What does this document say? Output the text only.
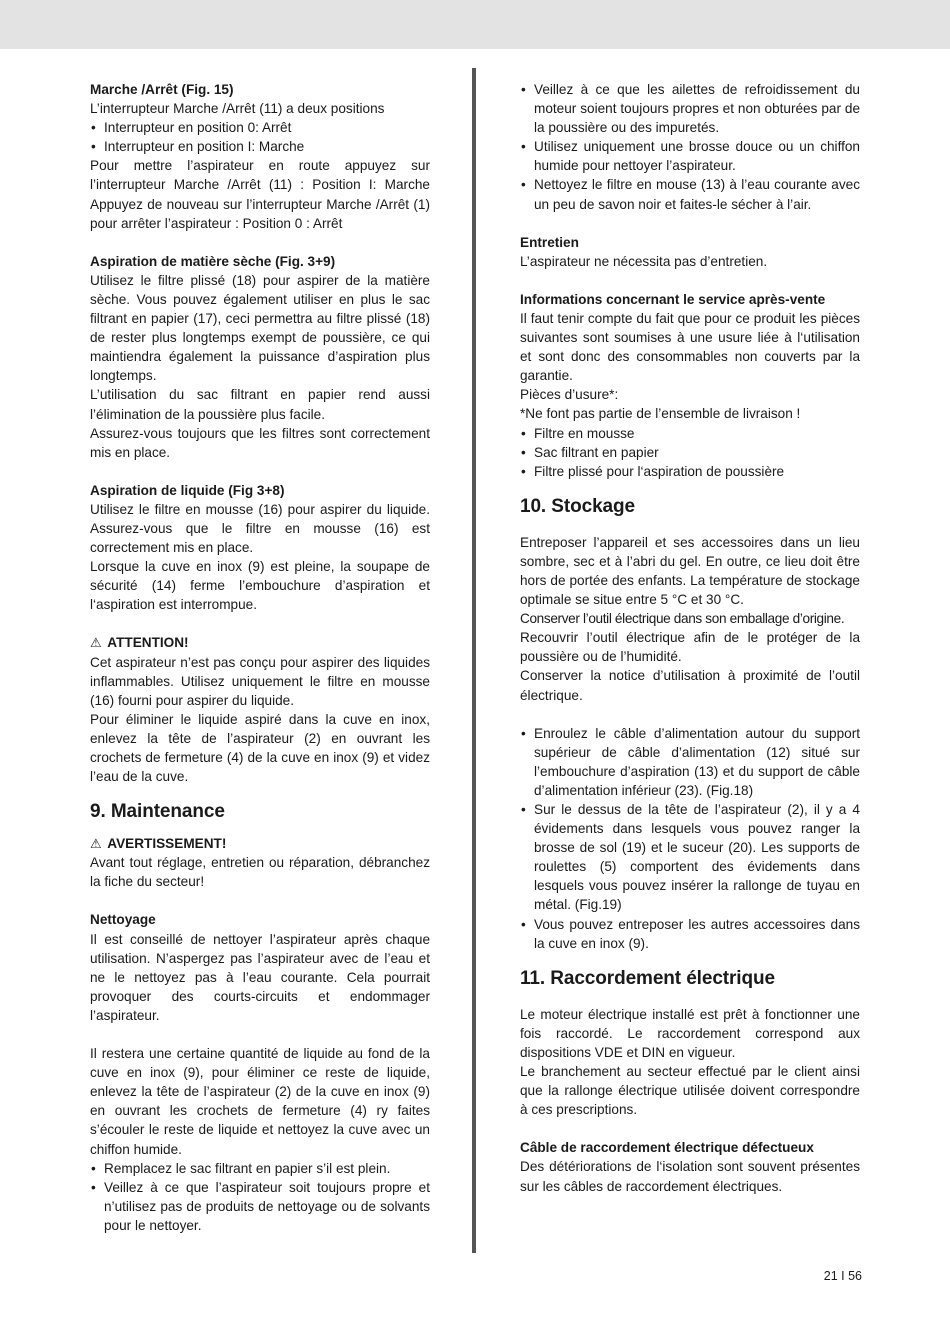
Marche /Arrêt (Fig. 15)

L’interrupteur Marche /Arrêt (11) a deux positions

• Interrupteur en position 0: Arrêt
• Interrupteur en position I: Marche

Pour mettre l’aspirateur en route appuyez sur l’interrupteur Marche /Arrêt (11) : Position I: Marche Appuyez de nouveau sur l’interrupteur Marche /Arrêt (1) pour arrêter l’aspirateur : Position 0 : Arrêt

Aspiration de matière sèche (Fig. 3+9)

Utilisez le filtre plissé (18) pour aspirer de la matière sèche. Vous pouvez également utiliser en plus le sac filtrant en papier (17), ceci permettra au filtre plissé (18) de rester plus longtemps exempt de poussière, ce qui maintiendra également la puissance d’aspiration plus longtemps.

L’utilisation du sac filtrant en papier rend aussi l’élimination de la poussière plus facile.

Assurez-vous toujours que les filtres sont correctement mis en place.

Aspiration de liquide (Fig 3+8)

Utilisez le filtre en mousse (16) pour aspirer du liquide. Assurez-vous que le filtre en mousse (16) est correctement mis en place.

Lorsque la cuve en inox (9) est pleine, la soupape de sécurité (14) ferme l’embouchure d’aspiration et l‘aspiration est interrompue.

⚠ ATTENTION!

Cet aspirateur n’est pas conçu pour aspirer des liquides inflammables. Utilisez uniquement le filtre en mousse (16) fourni pour aspirer du liquide.

Pour éliminer le liquide aspiré dans la cuve en inox, enlevez la tête de l’aspirateur (2) en ouvrant les crochets de fermeture (4) de la cuve en inox (9) et videz l’eau de la cuve.

9. Maintenance

⚠ AVERTISSEMENT!

Avant tout réglage, entretien ou réparation, débranchez la fiche du secteur!

Nettoyage

Il est conseillé de nettoyer l’aspirateur après chaque utilisation. N’aspergez pas l’aspirateur avec de l’eau et ne le nettoyez pas à l’eau courante. Cela pourrait provoquer des courts-circuits et endommager l’aspirateur.

Il restera une certaine quantité de liquide au fond de la cuve en inox (9), pour éliminer ce reste de liquide, enlevez la tête de l’aspirateur (2) de la cuve en inox (9) en ouvrant les crochets de fermeture (4) ry faites s’écouler le reste de liquide et nettoyez la cuve avec un chiffon humide.

• Remplacez le sac filtrant en papier s’il est plein.
• Veillez à ce que l’aspirateur soit toujours propre et n’utilisez pas de produits de nettoyage ou de solvants pour le nettoyer.
• Veillez à ce que les ailettes de refroidissement du moteur soient toujours propres et non obturées par de la poussière ou des impuretés.
• Utilisez uniquement une brosse douce ou un chiffon humide pour nettoyer l’aspirateur.
• Nettoyez le filtre en mouse (13) à l’eau courante avec un peu de savon noir et faites-le sécher à l’air.

Entretien

L’aspirateur ne nécessita pas d’entretien.

Informations concernant le service après-vente

Il faut tenir compte du fait que pour ce produit les pièces suivantes sont soumises à une usure liée à l‘utilisation et sont donc des consommables non couverts par la garantie.

Pièces d’usure*:

*Ne font pas partie de l’ensemble de livraison !

• Filtre en mousse
• Sac filtrant en papier
• Filtre plissé pour l‘aspiration de poussière

10. Stockage

Entreposer l’appareil et ses accessoires dans un lieu sombre, sec et à l’abri du gel. En outre, ce lieu doit être hors de portée des enfants. La température de stockage optimale se situe entre 5 °C et 30 °C.

Conserver l’outil électrique dans son emballage d’origine.

Recouvrir l’outil électrique afin de le protéger de la poussière ou de l’humidité.

Conserver la notice d’utilisation à proximité de l’outil électrique.

• Enroulez le câble d’alimentation autour du support supérieur de câble d’alimentation (12) situé sur l’embouchure d’aspiration (13) et du support de câble d’alimentation inférieur (23). (Fig.18)
• Sur le dessus de la tête de l’aspirateur (2), il y a 4 évidements dans lesquels vous pouvez ranger la brosse de sol (19) et le suceur (20). Les supports de roulettes (5) comportent des évidements dans lesquels vous pouvez insérer la rallonge de tuyau en métal. (Fig.19)
• Vous pouvez entreposer les autres accessoires dans la cuve en inox (9).

11. Raccordement électrique

Le moteur électrique installé est prêt à fonctionner une fois raccordé. Le raccordement correspond aux dispositions VDE et DIN en vigueur.

Le branchement au secteur effectué par le client ainsi que la rallonge électrique utilisée doivent correspondre à ces prescriptions.

Câble de raccordement électrique défectueux

Des détériorations de l‘isolation sont souvent présentes sur les câbles de raccordement électriques.

21 I 56
